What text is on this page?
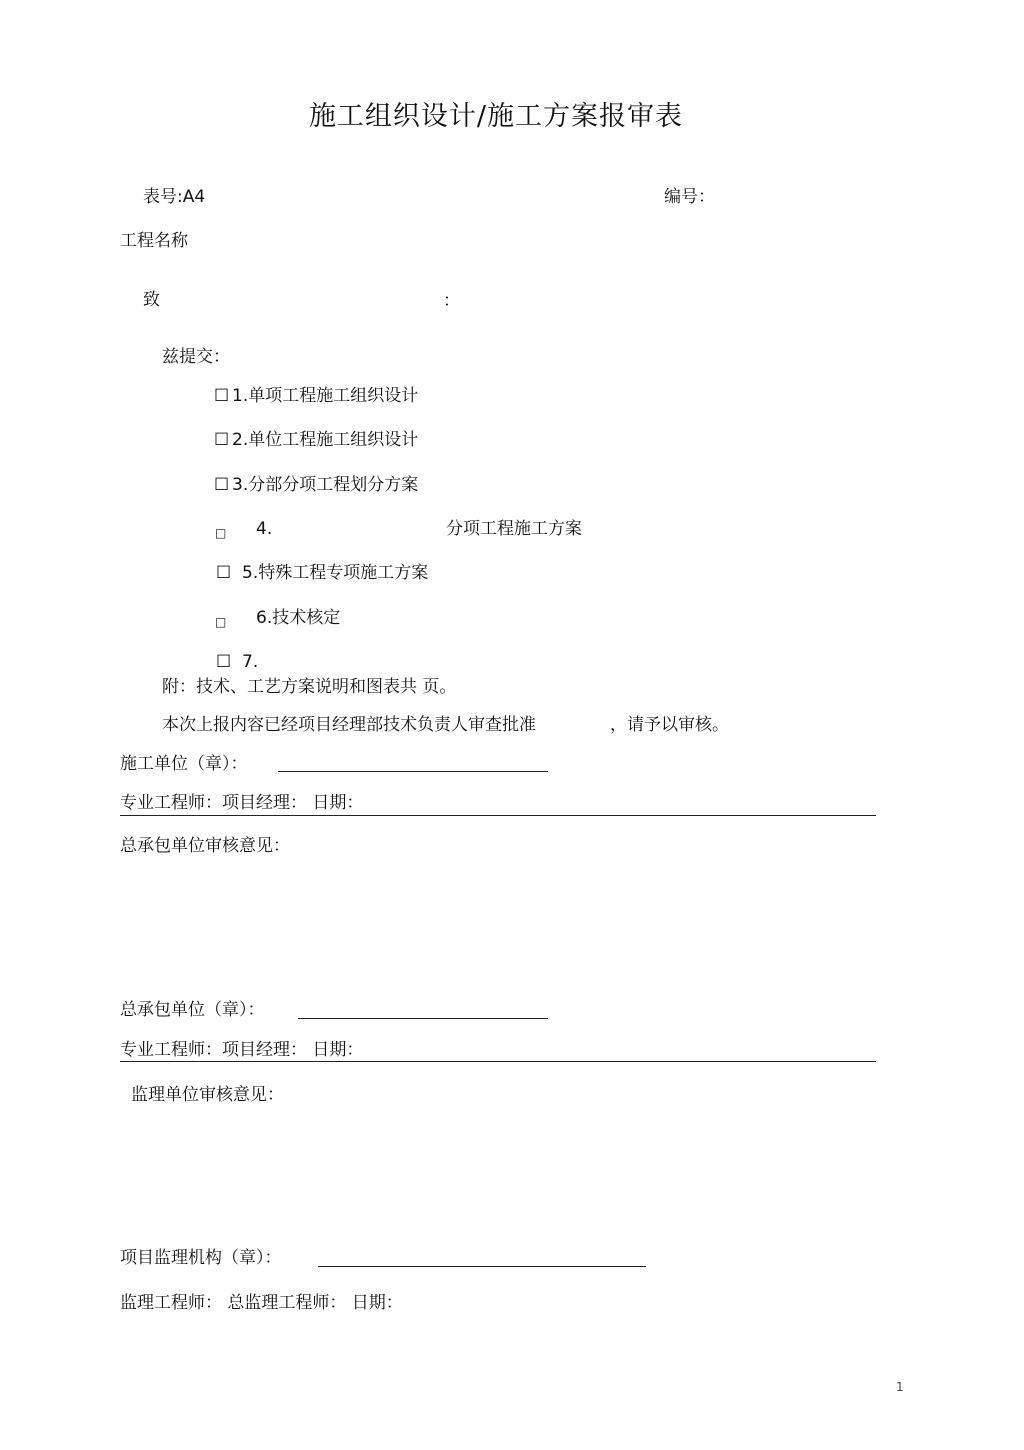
施工组织设计/施工方案报审表
表号:A4	编号：
工程名称
致	：
兹提交：
☐ 1.单项工程施工组织设计
☐ 2.单位工程施工组织设计
☐ 3.分部分项工程划分方案
□ 4.	分项工程施工方案
☐ 5.特殊工程专项施工方案
□ 6.技术核定
☐ 7.
附：技术、工艺方案说明和图表共 页。
本次上报内容已经项目经理部技术负责人审查批准	，请予以审核。
施工单位（章）：
专业工程师：项目经理： 日期：
总承包单位审核意见：
总承包单位（章）：
专业工程师：项目经理： 日期：
监理单位审核意见：
项目监理机构（章）：
监理工程师： 总监理工程师： 日期：
1
